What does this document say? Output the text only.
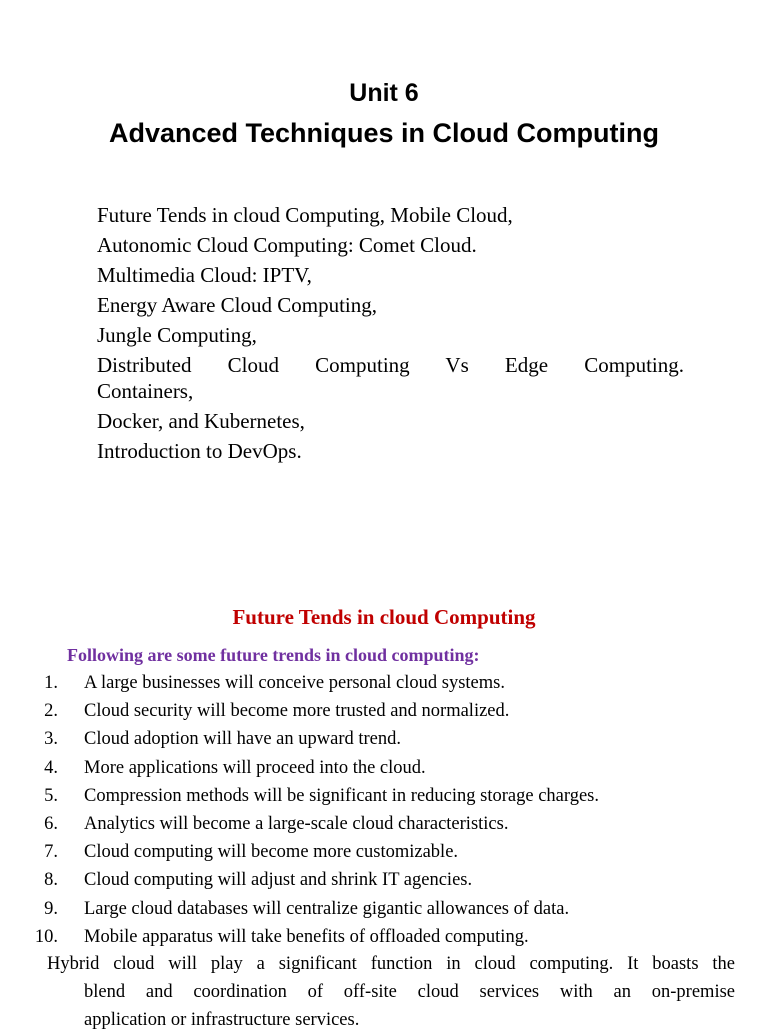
Unit 6
Advanced Techniques in Cloud Computing
Future Tends in cloud Computing, Mobile Cloud,
Autonomic Cloud Computing: Comet Cloud.
Multimedia Cloud: IPTV,
Energy Aware Cloud Computing,
Jungle Computing,
Distributed Cloud Computing Vs Edge Computing.
Containers,
Docker, and Kubernetes,
Introduction to DevOps.
Future Tends in cloud Computing
Following are some future trends in cloud computing:
1. A large businesses will conceive personal cloud systems.
2. Cloud security will become more trusted and normalized.
3. Cloud adoption will have an upward trend.
4. More applications will proceed into the cloud.
5. Compression methods will be significant in reducing storage charges.
6. Analytics will become a large-scale cloud characteristics.
7. Cloud computing will become more customizable.
8. Cloud computing will adjust and shrink IT agencies.
9. Large cloud databases will centralize gigantic allowances of data.
10. Mobile apparatus will take benefits of offloaded computing.
Hybrid cloud will play a significant function in cloud computing. It boasts the
blend and coordination of off-site cloud services with an on-premise
application or infrastructure services.
